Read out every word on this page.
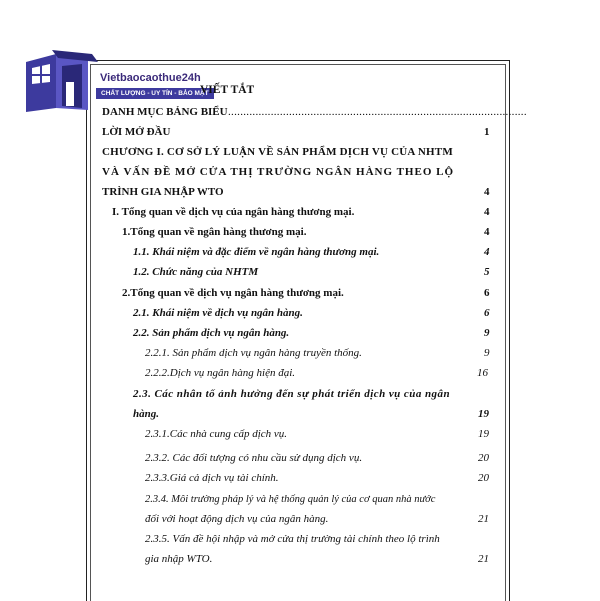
Vietbaocaothue24h
CHẤT LƯỢNG - UY TÍN - BẢO MẬT
VIẾT TẮT
DANH MỤC BẢNG BIỂU ..................................................................................................
LỜI MỞ ĐẦU	1
CHƯƠNG I. CƠ SỞ LÝ LUẬN VỀ SẢN PHẨM DỊCH VỤ CỦA NHTM
VÀ VẤN ĐỀ MỞ CỬA THỊ TRƯỜNG NGÂN HÀNG THEO LỘ
TRÌNH GIA NHẬP WTO	4
I. Tổng quan về dịch vụ của ngân hàng thương mại.	4
1.Tổng quan về ngân hàng thương mại.	4
1.1. Khái niệm và đặc điểm về ngân hàng thương mại.	4
1.2. Chức năng của NHTM	5
2.Tổng quan về dịch vụ ngân hàng thương mại.	6
2.1. Khái niệm về dịch vụ ngân hàng.	6
2.2. Sản phẩm dịch vụ ngân hàng.	9
2.2.1. Sản phẩm dịch vụ ngân hàng truyền thống.	9
2.2.2.Dịch vụ ngân hàng hiện đại.	16
2.3. Các nhân tố ảnh hưởng đến sự phát triển dịch vụ của ngân
hàng.	19
2.3.1.Các nhà cung cấp dịch vụ.	19
2.3.2. Các đối tượng có nhu cầu sử dụng dịch vụ.	20
2.3.3.Giá cả dịch vụ tài chính.	20
2.3.4. Môi trường pháp lý và hệ thống quản lý của cơ quan nhà nước
đối với hoạt động dịch vụ của ngân hàng.	21
2.3.5. Vấn đề hội nhập và mở cửa thị trường tài chính theo lộ trình
gia nhập WTO.	21
